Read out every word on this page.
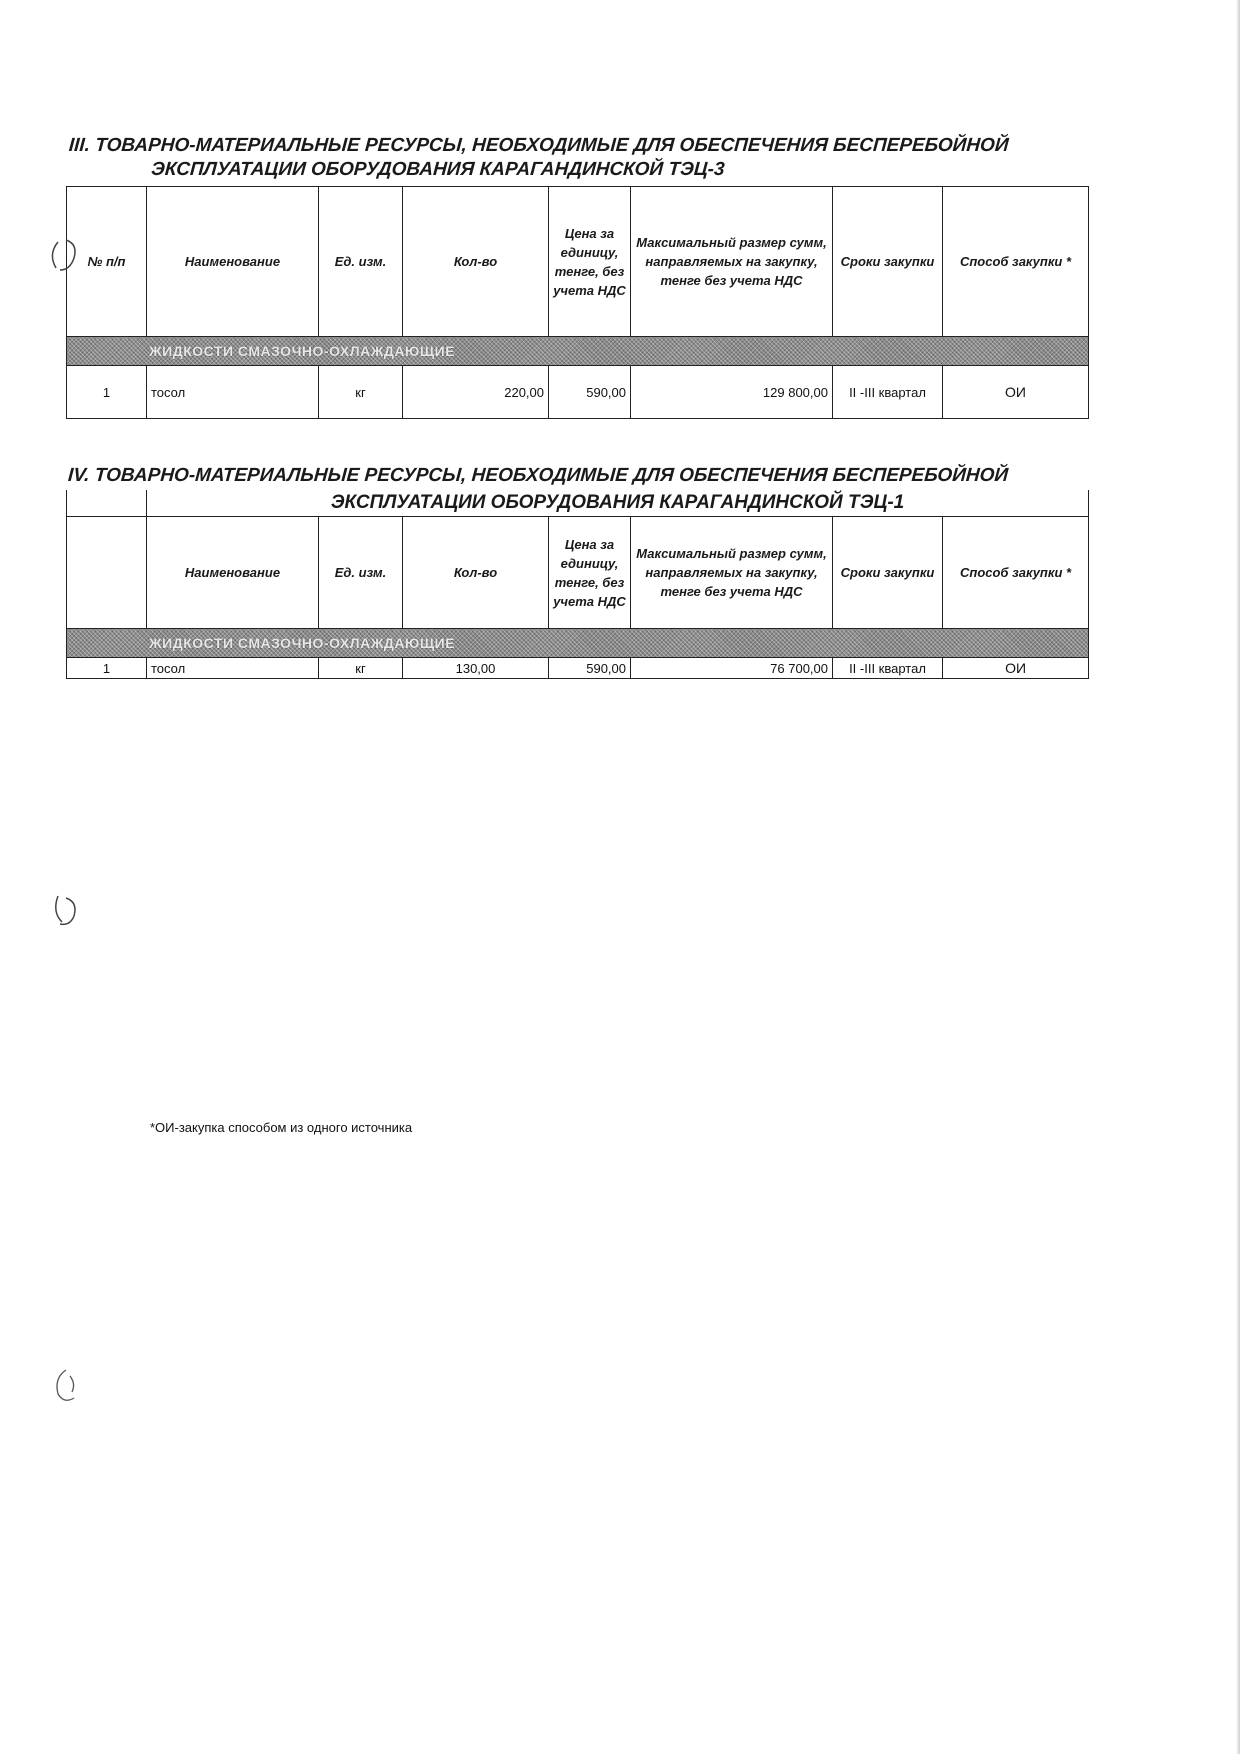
III. ТОВАРНО-МАТЕРИАЛЬНЫЕ РЕСУРСЫ, НЕОБХОДИМЫЕ ДЛЯ ОБЕСПЕЧЕНИЯ БЕСПЕРЕБОЙНОЙ
ЭКСПЛУАТАЦИИ ОБОРУДОВАНИЯ КАРАГАНДИНСКОЙ ТЭЦ-3
№ п/п	Наименование	Ед. изм.	Кол-во	Цена за единицу, тенге, без учета НДС	Максимальный размер сумм, направляемых на закупку, тенге без учета НДС	Сроки закупки	Способ закупки *
ЖИДКОСТИ СМАЗОЧНО-ОХЛАЖДАЮЩИЕ							
1	тосол	кг	220,00	590,00	129 800,00	II -III квартал	ОИ
IV. ТОВАРНО-МАТЕРИАЛЬНЫЕ РЕСУРСЫ, НЕОБХОДИМЫЕ ДЛЯ ОБЕСПЕЧЕНИЯ БЕСПЕРЕБОЙНОЙ
	ЭКСПЛУАТАЦИИ ОБОРУДОВАНИЯ КАРАГАНДИНСКОЙ ТЭЦ-1						
	Наименование	Ед. изм.	Кол-во	Цена за единицу, тенге, без учета НДС	Максимальный размер сумм, направляемых на закупку, тенге без учета НДС	Сроки закупки	Способ закупки *
ЖИДКОСТИ СМАЗОЧНО-ОХЛАЖДАЮЩИЕ							
1	тосол	кг	130,00	590,00	76 700,00	II -III квартал	ОИ
*ОИ-закупка способом из одного источника
